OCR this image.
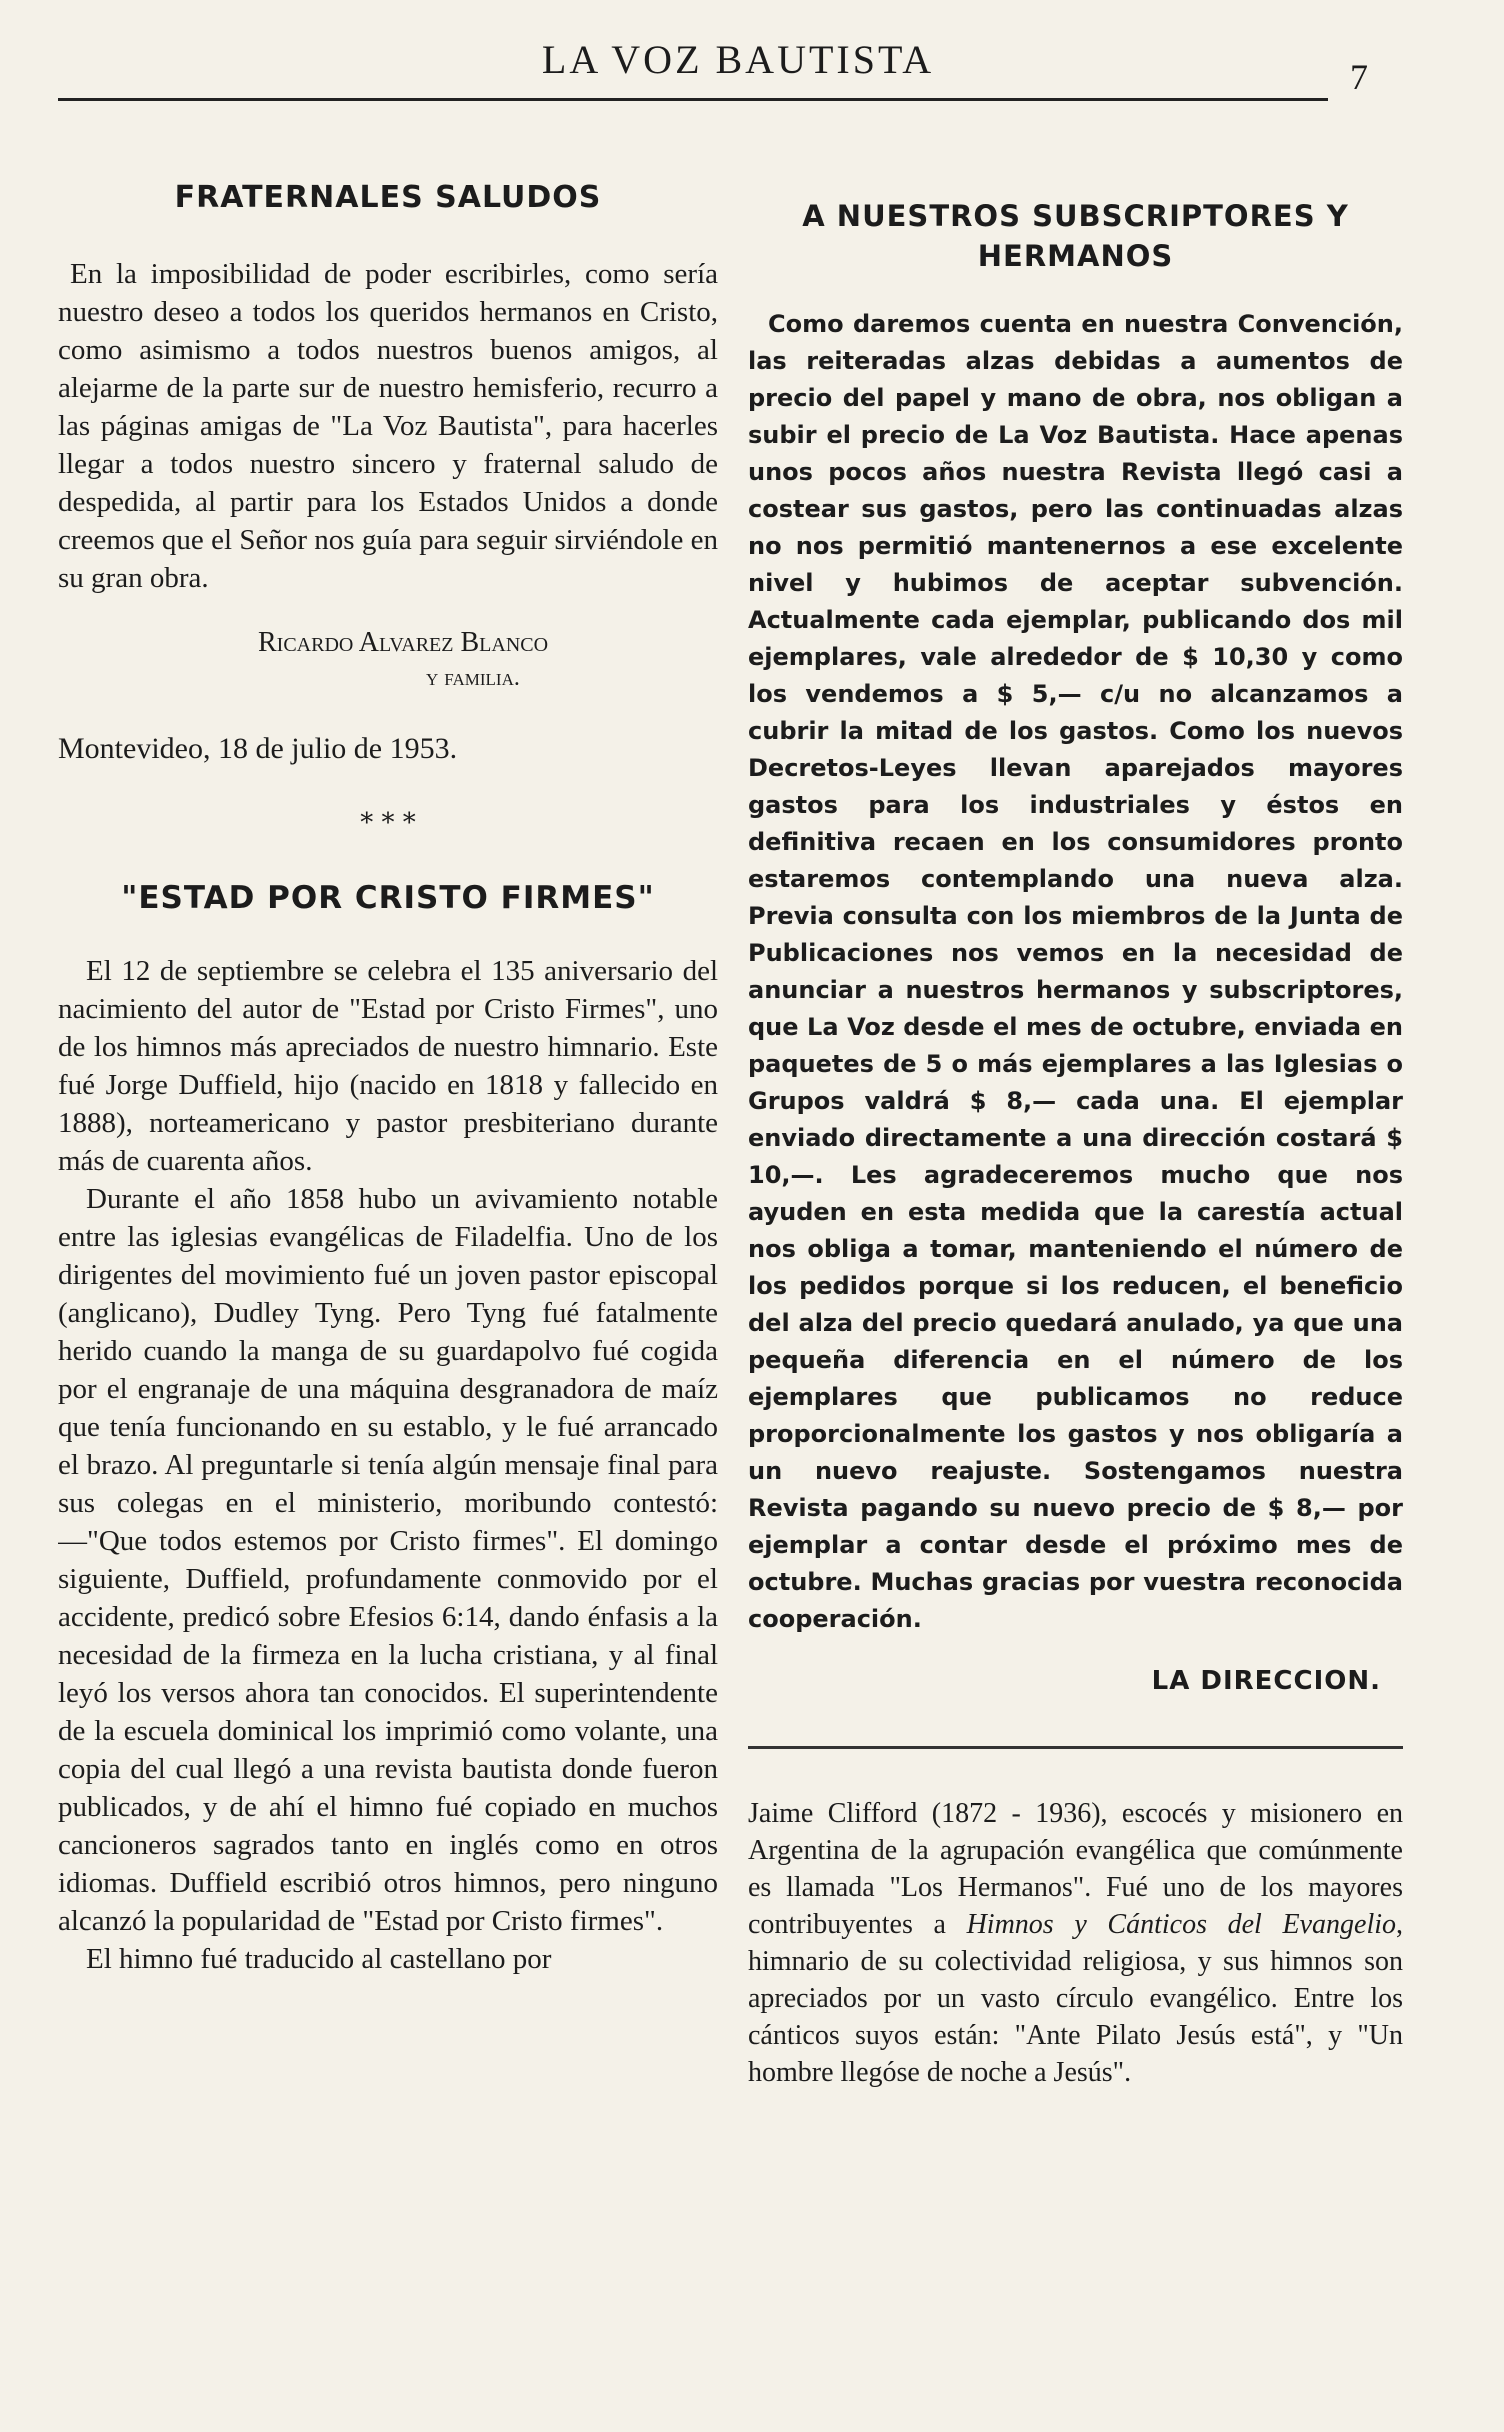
LA VOZ BAUTISTA	7
FRATERNALES SALUDOS

En la imposibilidad de poder escribirles, como sería nuestro deseo a todos los queridos hermanos en Cristo, como asimismo a todos nuestros buenos amigos, al alejarme de la parte sur de nuestro hemisferio, recurro a las páginas amigas de "La Voz Bautista", para hacerles llegar a todos nuestro sincero y fraternal saludo de despedida, al partir para los Estados Unidos a donde creemos que el Señor nos guía para seguir sirviéndole en su gran obra.

Ricardo Alvarez Blanco

y familia.

Montevideo, 18 de julio de 1953.

* * *

"ESTAD POR CRISTO FIRMES"

El 12 de septiembre se celebra el 135 aniversario del nacimiento del autor de "Estad por Cristo Firmes", uno de los himnos más apreciados de nuestro himnario. Este fué Jorge Duffield, hijo (nacido en 1818 y fallecido en 1888), norteamericano y pastor presbiteriano durante más de cuarenta años.

Durante el año 1858 hubo un avivamiento notable entre las iglesias evangélicas de Filadelfia. Uno de los dirigentes del movimiento fué un joven pastor episcopal (anglicano), Dudley Tyng. Pero Tyng fué fatalmente herido cuando la manga de su guardapolvo fué cogida por el engranaje de una máquina desgranadora de maíz que tenía funcionando en su establo, y le fué arrancado el brazo. Al preguntarle si tenía algún mensaje final para sus colegas en el ministerio, moribundo contestó: —"Que todos estemos por Cristo firmes". El domingo siguiente, Duffield, profundamente conmovido por el accidente, predicó sobre Efesios 6:14, dando énfasis a la necesidad de la firmeza en la lucha cristiana, y al final leyó los versos ahora tan conocidos. El superintendente de la escuela dominical los imprimió como volante, una copia del cual llegó a una revista bautista donde fueron publicados, y de ahí el himno fué copiado en muchos cancioneros sagrados tanto en inglés como en otros idiomas. Duffield escribió otros himnos, pero ninguno alcanzó la popularidad de "Estad por Cristo firmes".

El himno fué traducido al castellano por

A NUESTROS SUBSCRIPTORES Y HERMANOS

Como daremos cuenta en nuestra Convención, las reiteradas alzas debidas a aumentos de precio del papel y mano de obra, nos obligan a subir el precio de La Voz Bautista. Hace apenas unos pocos años nuestra Revista llegó casi a costear sus gastos, pero las continuadas alzas no nos permitió mantenernos a ese excelente nivel y hubimos de aceptar subvención. Actualmente cada ejemplar, publicando dos mil ejemplares, vale alrededor de $ 10,30 y como los vendemos a $ 5,— c/u no alcanzamos a cubrir la mitad de los gastos. Como los nuevos Decretos-Leyes llevan aparejados mayores gastos para los industriales y éstos en definitiva recaen en los consumidores pronto estaremos contemplando una nueva alza. Previa consulta con los miembros de la Junta de Publicaciones nos vemos en la necesidad de anunciar a nuestros hermanos y subscriptores, que La Voz desde el mes de octubre, enviada en paquetes de 5 o más ejemplares a las Iglesias o Grupos valdrá $ 8,— cada una. El ejemplar enviado directamente a una dirección costará $ 10,—. Les agradeceremos mucho que nos ayuden en esta medida que la carestía actual nos obliga a tomar, manteniendo el número de los pedidos porque si los reducen, el beneficio del alza del precio quedará anulado, ya que una pequeña diferencia en el número de los ejemplares que publicamos no reduce proporcionalmente los gastos y nos obligaría a un nuevo reajuste. Sostengamos nuestra Revista pagando su nuevo precio de $ 8,— por ejemplar a contar desde el próximo mes de octubre. Muchas gracias por vuestra reconocida cooperación.

LA DIRECCION.

Jaime Clifford (1872 - 1936), escocés y misionero en Argentina de la agrupación evangélica que comúnmente es llamada "Los Hermanos". Fué uno de los mayores contribuyentes a Himnos y Cánticos del Evangelio, himnario de su colectividad religiosa, y sus himnos son apreciados por un vasto círculo evangélico. Entre los cánticos suyos están: "Ante Pilato Jesús está", y "Un hombre llegóse de noche a Jesús".
